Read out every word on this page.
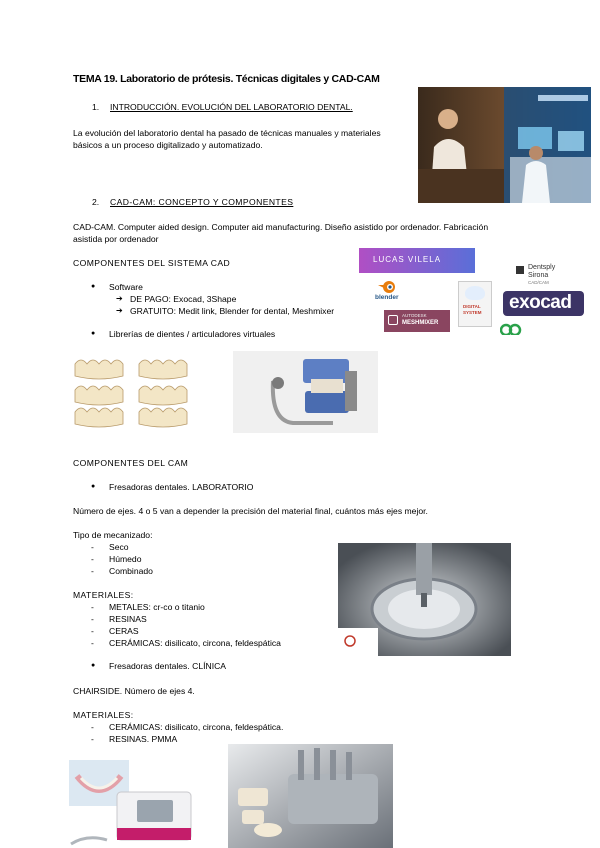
TEMA 19. Laboratorio de prótesis. Técnicas digitales y CAD-CAM
1. INTRODUCCIÓN. EVOLUCIÓN DEL LABORATORIO DENTAL.
La evolución del laboratorio dental ha pasado de técnicas manuales y materiales
básicos a un proceso digitalizado y automatizado.
2. CAD-CAM: CONCEPTO Y COMPONENTES
CAD-CAM. Computer aided design. Computer aid manufacturing. Diseño asistido por ordenador. Fabricación
asistida por ordenador
COMPONENTES DEL SISTEMA CAD
● Software
➔ DE PAGO: Exocad, 3Shape
➔ GRATUITO: Medit link, Blender for dental, Meshmixer
● Librerías de dientes / articuladores virtuales
LUCAS VILELA
Dentsply
Sirona
CAD/CAM
blender
AUTODESK
MESHMIXER
DIGITAL
SYSTEM exocad
COMPONENTES DEL CAM
● Fresadoras dentales. LABORATORIO
Número de ejes. 4 o 5 van a depender la precisión del material final, cuántos más ejes mejor.
Tipo de mecanizado:
- Seco
- Húmedo
- Combinado
MATERIALES:
- METALES: cr-co o titanio
- RESINAS
- CERAS
- CERÁMICAS: disilicato, circona, feldespática
● Fresadoras dentales. CLÍNICA
CHAIRSIDE. Número de ejes 4.
MATERIALES:
- CERÁMICAS: disilicato, circona, feldespática.
- RESINAS. PMMA
